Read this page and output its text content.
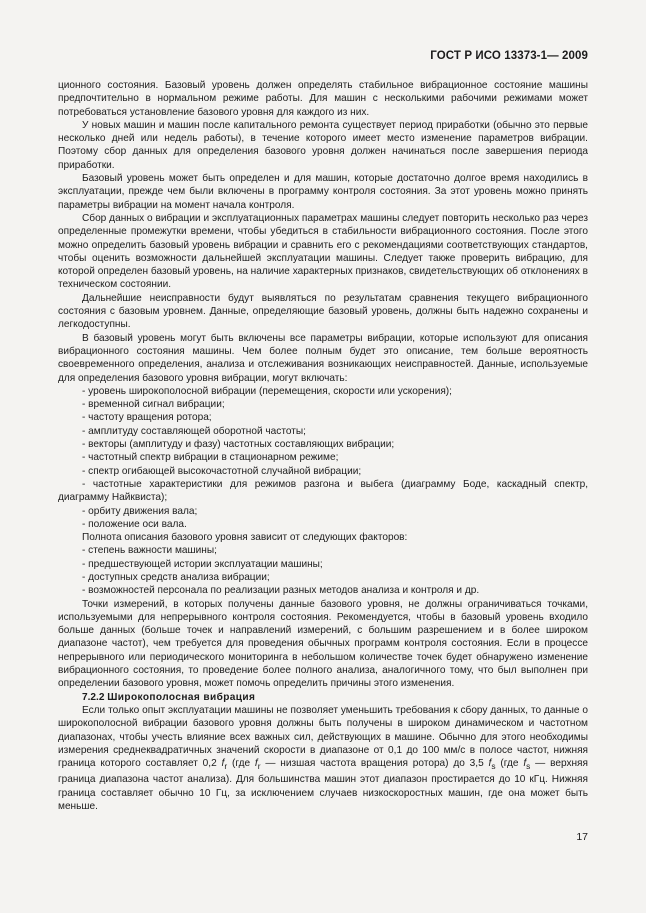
ГОСТ Р ИСО 13373-1— 2009

ционного состояния. Базовый уровень должен определять стабильное вибрационное состояние машины предпочтительно в нормальном режиме работы. Для машин с несколькими рабочими режимами может потребоваться установление базового уровня для каждого из них.

У новых машин и машин после капитального ремонта существует период приработки (обычно это первые несколько дней или недель работы), в течение которого имеет место изменение параметров вибрации. Поэтому сбор данных для определения базового уровня должен начинаться после завершения периода приработки.

Базовый уровень может быть определен и для машин, которые достаточно долгое время находились в эксплуатации, прежде чем были включены в программу контроля состояния. За этот уровень можно принять параметры вибрации на момент начала контроля.

Сбор данных о вибрации и эксплуатационных параметрах машины следует повторить несколько раз через определенные промежутки времени, чтобы убедиться в стабильности вибрационного состояния. После этого можно определить базовый уровень вибрации и сравнить его с рекомендациями соответствующих стандартов, чтобы оценить возможности дальнейшей эксплуатации машины. Следует также проверить вибрацию, для которой определен базовый уровень, на наличие характерных признаков, свидетельствующих об отклонениях в техническом состоянии.

Дальнейшие неисправности будут выявляться по результатам сравнения текущего вибрационного состояния с базовым уровнем. Данные, определяющие базовый уровень, должны быть надежно сохранены и легкодоступны.

В базовый уровень могут быть включены все параметры вибрации, которые используют для описания вибрационного состояния машины. Чем более полным будет это описание, тем больше вероятность своевременного определения, анализа и отслеживания возникающих неисправностей. Данные, используемые для определения базового уровня вибрации, могут включать:

- уровень широкополосной вибрации (перемещения, скорости или ускорения);

- временной сигнал вибрации;

- частоту вращения ротора;

- амплитуду составляющей оборотной частоты;

- векторы (амплитуду и фазу) частотных составляющих вибрации;

- частотный спектр вибрации в стационарном режиме;

- спектр огибающей высокочастотной случайной вибрации;

- частотные характеристики для режимов разгона и выбега (диаграмму Боде, каскадный спектр, диаграмму Найквиста);

- орбиту движения вала;

- положение оси вала.

Полнота описания базового уровня зависит от следующих факторов:

- степень важности машины;

- предшествующей истории эксплуатации машины;

- доступных средств анализа вибрации;

- возможностей персонала по реализации разных методов анализа и контроля и др.

Точки измерений, в которых получены данные базового уровня, не должны ограничиваться точками, используемыми для непрерывного контроля состояния. Рекомендуется, чтобы в базовый уровень входило больше данных (больше точек и направлений измерений, с большим разрешением и в более широком диапазоне частот), чем требуется для проведения обычных программ контроля состояния. Если в процессе непрерывного или периодического мониторинга в небольшом количестве точек будет обнаружено изменение вибрационного состояния, то проведение более полного анализа, аналогичного тому, что был выполнен при определении базового уровня, может помочь определить причины этого изменения.

7.2.2 Широкополосная вибрация

Если только опыт эксплуатации машины не позволяет уменьшить требования к сбору данных, то данные о широкополосной вибрации базового уровня должны быть получены в широком динамическом и частотном диапазонах, чтобы учесть влияние всех важных сил, действующих в машине. Обычно для этого необходимы измерения среднеквадратичных значений скорости в диапазоне от 0,1 до 100 мм/с в полосе частот, нижняя граница которого составляет 0,2 $f_r$ (где $f_r$ — низшая частота вращения ротора) до 3,5 $f_s$ (где $f_s$ — верхняя граница диапазона частот анализа). Для большинства машин этот диапазон простирается до 10 кГц. Нижняя граница составляет обычно 10 Гц, за исключением случаев низкоскоростных машин, где она может быть меньше.

17
